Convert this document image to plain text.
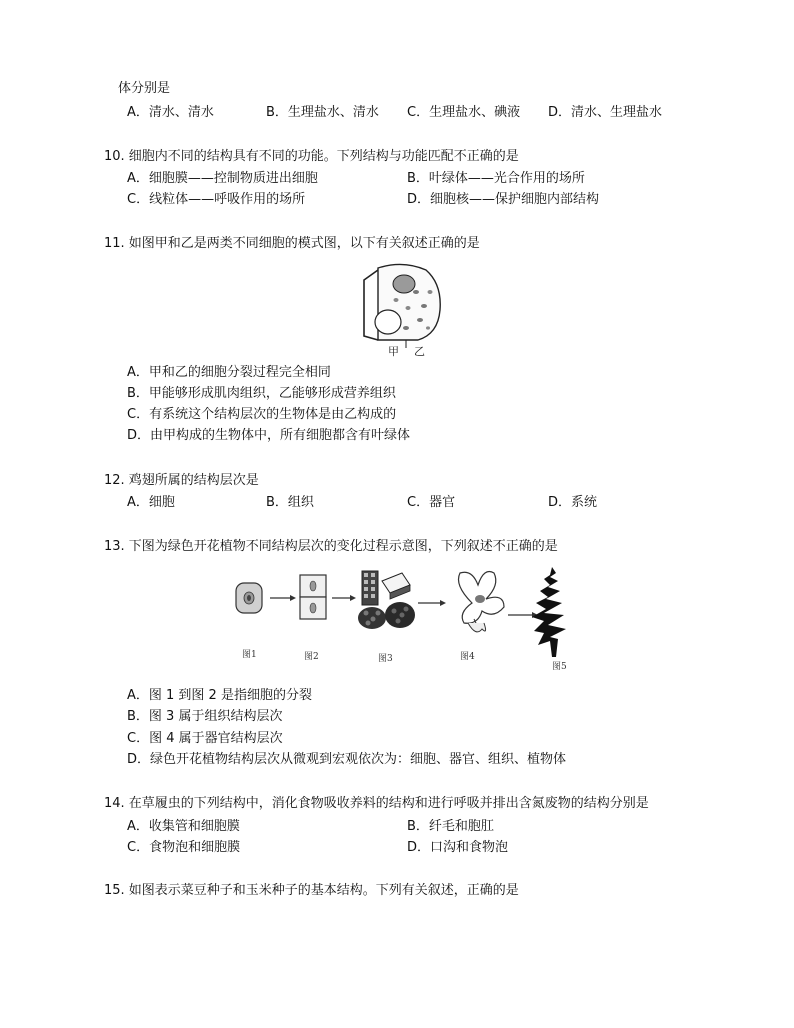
体分别是
A．清水、清水	B．生理盐水、清水 C．生理盐水、碘液 D．清水、生理盐水
10. 细胞内不同的结构具有不同的功能。下列结构与功能匹配不正确的是
A．细胞膜——控制物质进出细胞	B．叶绿体——光合作用的场所
C．线粒体——呼吸作用的场所	D．细胞核——保护细胞内部结构
11. 如图甲和乙是两类不同细胞的模式图，以下有关叙述正确的是
甲 乙
A．甲和乙的细胞分裂过程完全相同
B．甲能够形成肌肉组织，乙能够形成营养组织
C．有系统这个结构层次的生物体是由乙构成的
D．由甲构成的生物体中，所有细胞都含有叶绿体
12. 鸡翅所属的结构层次是
A．细胞	B．组织	C．器官	D．系统
13. 下图为绿色开花植物不同结构层次的变化过程示意图，下列叙述不正确的是
图1	图2	图3	图4
图5
A．图 1 到图 2 是指细胞的分裂
B．图 3 属于组织结构层次
C．图 4 属于器官结构层次
D．绿色开花植物结构层次从微观到宏观依次为：细胞、器官、组织、植物体
14. 在草履虫的下列结构中，消化食物吸收养料的结构和进行呼吸并排出含氮废物的结构分别是
A．收集管和细胞膜	B．纤毛和胞肛
C．食物泡和细胞膜	D．口沟和食物泡
15. 如图表示菜豆种子和玉米种子的基本结构。下列有关叙述，正确的是
